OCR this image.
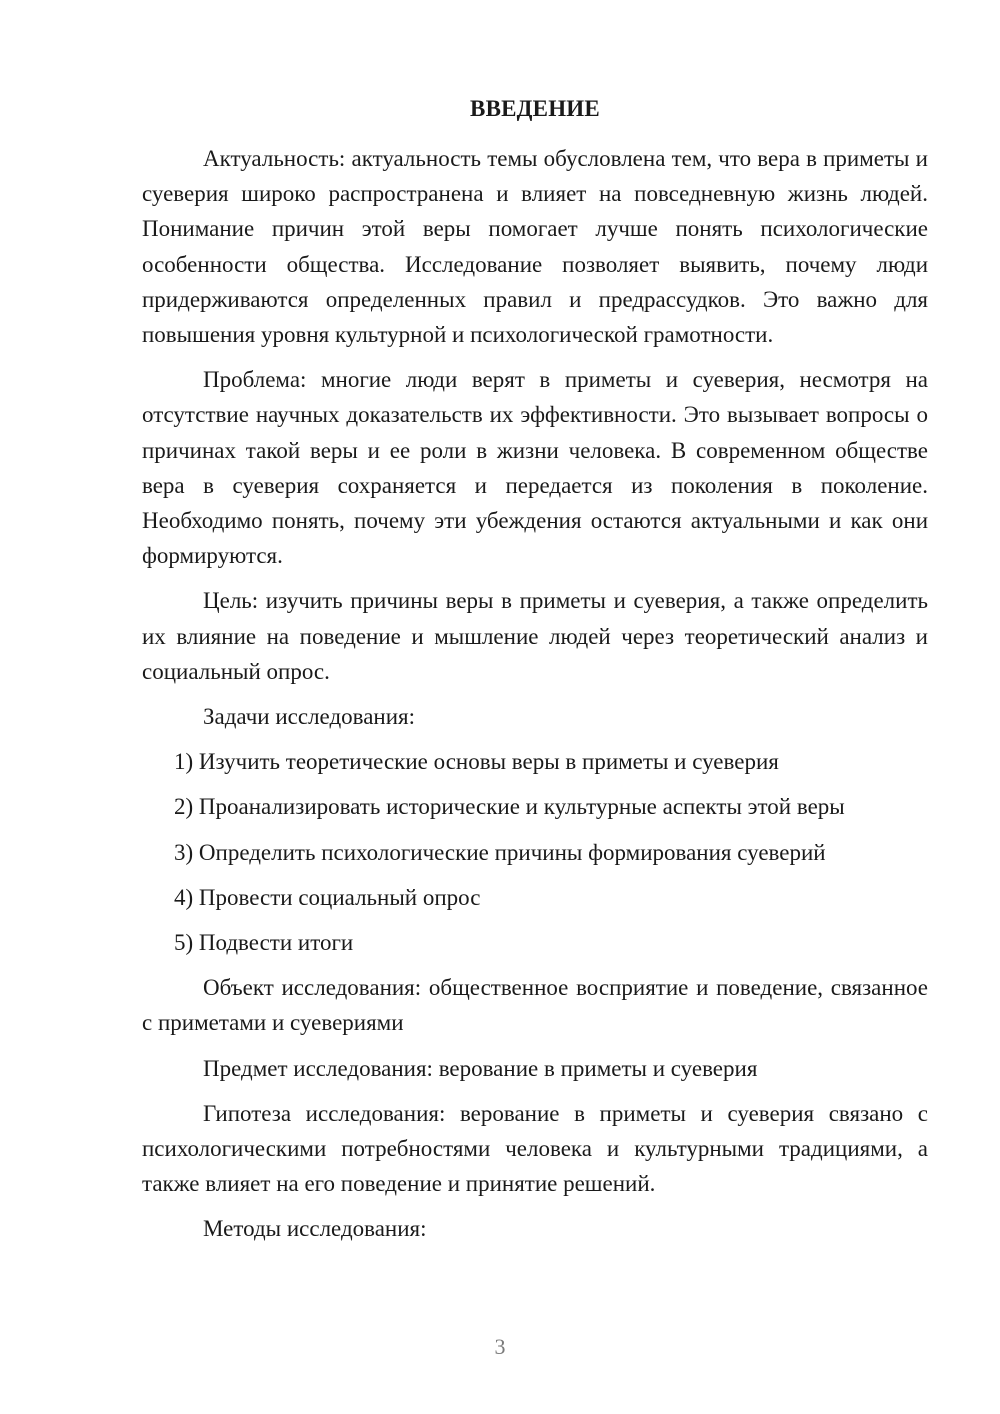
ВВЕДЕНИЕ

Актуальность: актуальность темы обусловлена тем, что вера в приметы и суеверия широко распространена и влияет на повседневную жизнь людей. Понимание причин этой веры помогает лучше понять психологические особенности общества. Исследование позволяет выявить, почему люди придерживаются определенных правил и предрассудков. Это важно для повышения уровня культурной и психологической грамотности.

Проблема: многие люди верят в приметы и суеверия, несмотря на отсутствие научных доказательств их эффективности. Это вызывает вопросы о причинах такой веры и ее роли в жизни человека. В современном обществе вера в суеверия сохраняется и передается из поколения в поколение. Необходимо понять, почему эти убеждения остаются актуальными и как они формируются.

Цель: изучить причины веры в приметы и суеверия, а также определить их влияние на поведение и мышление людей через теоретический анализ и социальный опрос.

Задачи исследования:

1) Изучить теоретические основы веры в приметы и суеверия
2) Проанализировать исторические и культурные аспекты этой веры
3) Определить психологические причины формирования суеверий
4) Провести социальный опрос
5) Подвести итоги

Объект исследования: общественное восприятие и поведение, связанное с приметами и суевериями

Предмет исследования: верование в приметы и суеверия

Гипотеза исследования: верование в приметы и суеверия связано с психологическими потребностями человека и культурными традициями, а также влияет на его поведение и принятие решений.

Методы исследования:

3
